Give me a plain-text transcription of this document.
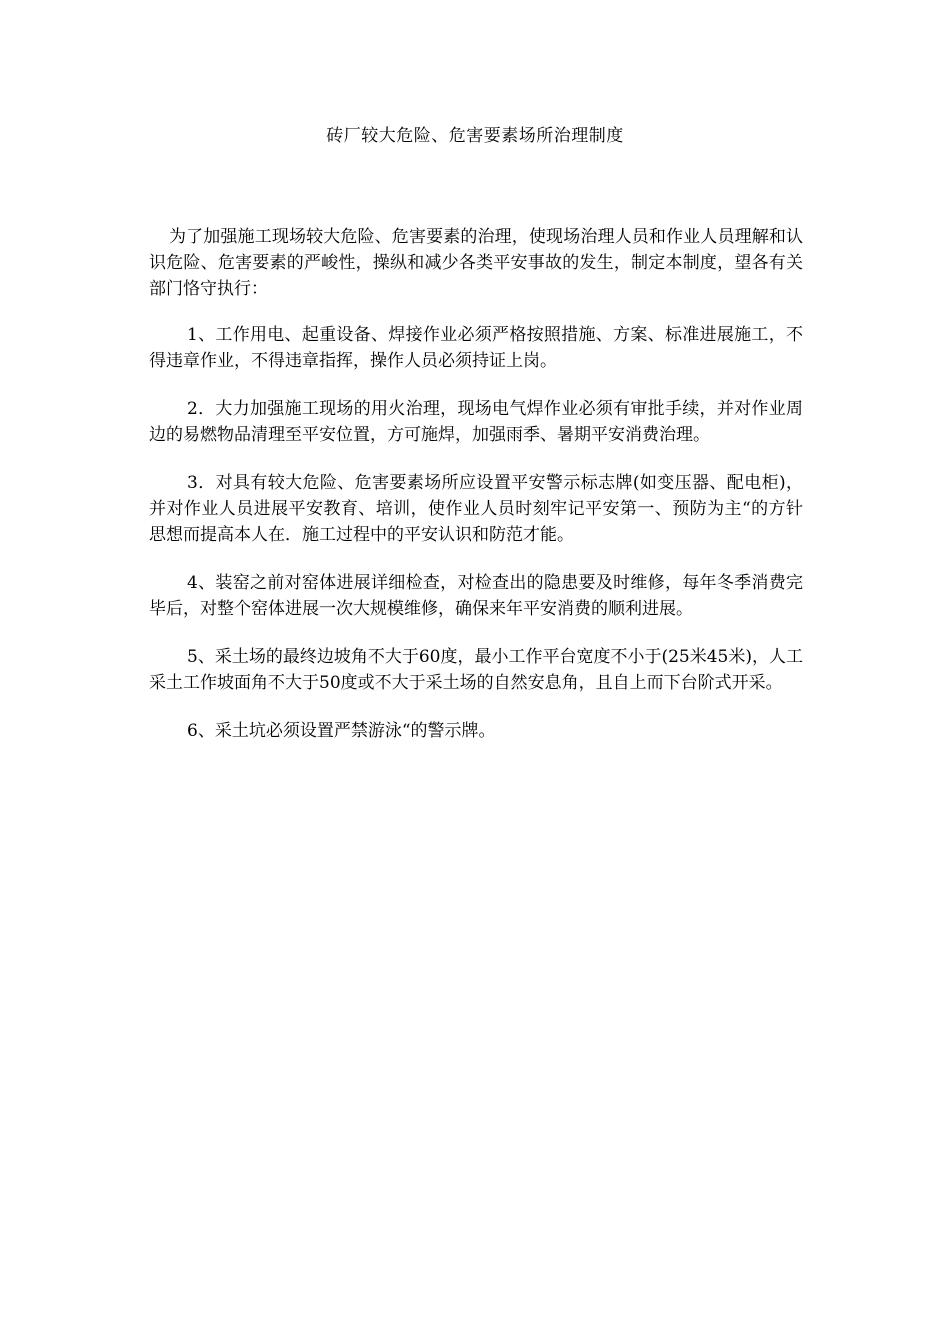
砖厂较大危险、危害要素场所治理制度

为了加强施工现场较大危险、危害要素的治理，使现场治理人员和作业人员理解和认识危险、危害要素的严峻性，操纵和减少各类平安事故的发生，制定本制度，望各有关部门恪守执行：

1、工作用电、起重设备、焊接作业必须严格按照措施、方案、标准进展施工，不得违章作业，不得违章指挥，操作人员必须持证上岗。

2．大力加强施工现场的用火治理，现场电气焊作业必须有审批手续，并对作业周边的易燃物品清理至平安位置，方可施焊，加强雨季、暑期平安消费治理。

3．对具有较大危险、危害要素场所应设置平安警示标志牌(如变压器、配电柜)，并对作业人员进展平安教育、培训，使作业人员时刻牢记平安第一、预防为主“的方针思想而提高本人在．施工过程中的平安认识和防范才能。

4、装窑之前对窑体进展详细检查，对检查出的隐患要及时维修，每年冬季消费完毕后，对整个窑体进展一次大规模维修，确保来年平安消费的顺利进展。

5、采土场的最终边坡角不大于60度，最小工作平台宽度不小于(25米45米)，人工采土工作坡面角不大于50度或不大于采土场的自然安息角，且自上而下台阶式开采。

6、采土坑必须设置严禁游泳“的警示牌。
